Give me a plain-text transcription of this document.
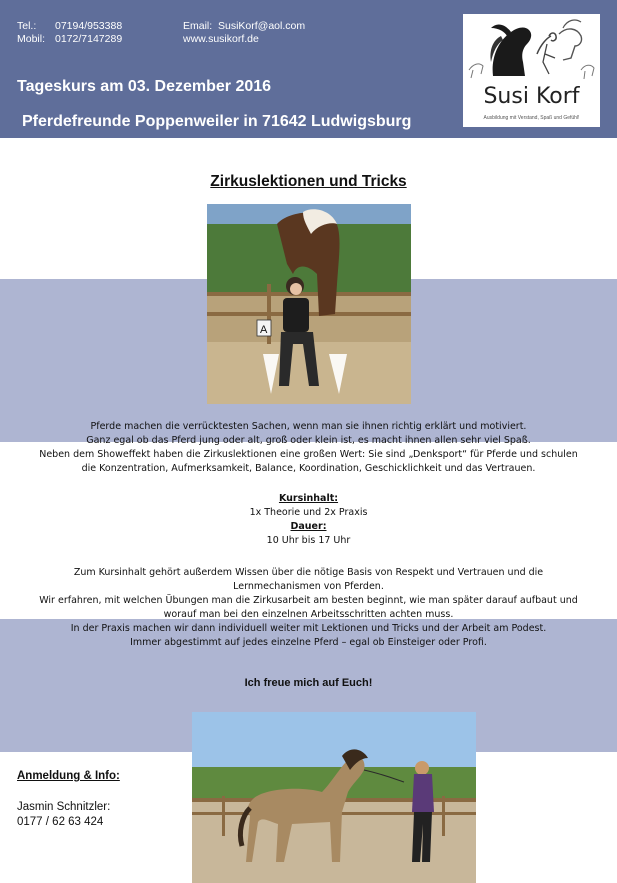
Tel.: 07194/953388
Mobil: 0172/7147289
Email: SusiKorf@aol.com
www.susikorf.de
Tageskurs am 03. Dezember 2016
Pferdefreunde Poppenweiler in 71642 Ludwigsburg
Susi Korf
Ausbildung mit Verstand, Spaß und Gefühl!
Zirkuslektionen und Tricks
A
Pferde machen die verrücktesten Sachen, wenn man sie ihnen richtig erklärt und motiviert.
Ganz egal ob das Pferd jung oder alt, groß oder klein ist, es macht ihnen allen sehr viel Spaß.
Neben dem Showeffekt haben die Zirkuslektionen eine großen Wert: Sie sind „Denksport“ für Pferde und schulen
die Konzentration, Aufmerksamkeit, Balance, Koordination, Geschicklichkeit und das Vertrauen.
Kursinhalt:
1x Theorie und 2x Praxis
Dauer:
10 Uhr bis 17 Uhr
Zum Kursinhalt gehört außerdem Wissen über die nötige Basis von Respekt und Vertrauen und die
Lernmechanismen von Pferden.
Wir erfahren, mit welchen Übungen man die Zirkusarbeit am besten beginnt, wie man später darauf aufbaut und
worauf man bei den einzelnen Arbeitsschritten achten muss.
In der Praxis machen wir dann individuell weiter mit Lektionen und Tricks und der Arbeit am Podest.
Immer abgestimmt auf jedes einzelne Pferd – egal ob Einsteiger oder Profi.
Ich freue mich auf Euch!
Anmeldung & Info:
Jasmin Schnitzler:
0177 / 62 63 424
